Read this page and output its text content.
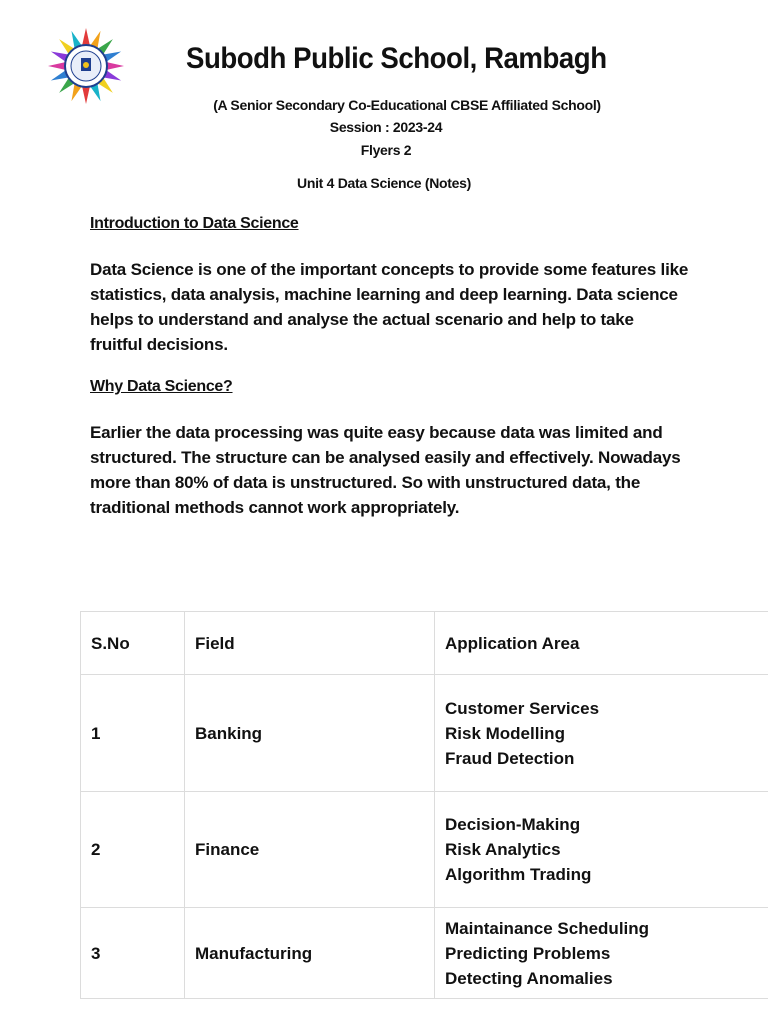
Subodh Public School, Rambagh
(A Senior Secondary Co-Educational CBSE Affiliated School)
Session : 2023-24
Flyers 2
Unit 4 Data Science (Notes)
Introduction to Data Science

Data Science is one of the important concepts to provide some features like statistics, data analysis, machine learning and deep learning. Data science helps to understand and analyse the actual scenario and help to take fruitful decisions.

Why Data Science?

Earlier the data processing was quite easy because data was limited and structured. The structure can be analysed easily and effectively. Nowadays more than 80% of data is unstructured. So with unstructured data, the traditional methods cannot work appropriately.

S.No	Field	Application Area
1	Banking	Customer Services
Risk Modelling
Fraud Detection

2	Finance	Decision-Making
Risk Analytics
Algorithm Trading

3	Manufacturing	Maintainance Scheduling
Predicting Problems
Detecting Anomalies
